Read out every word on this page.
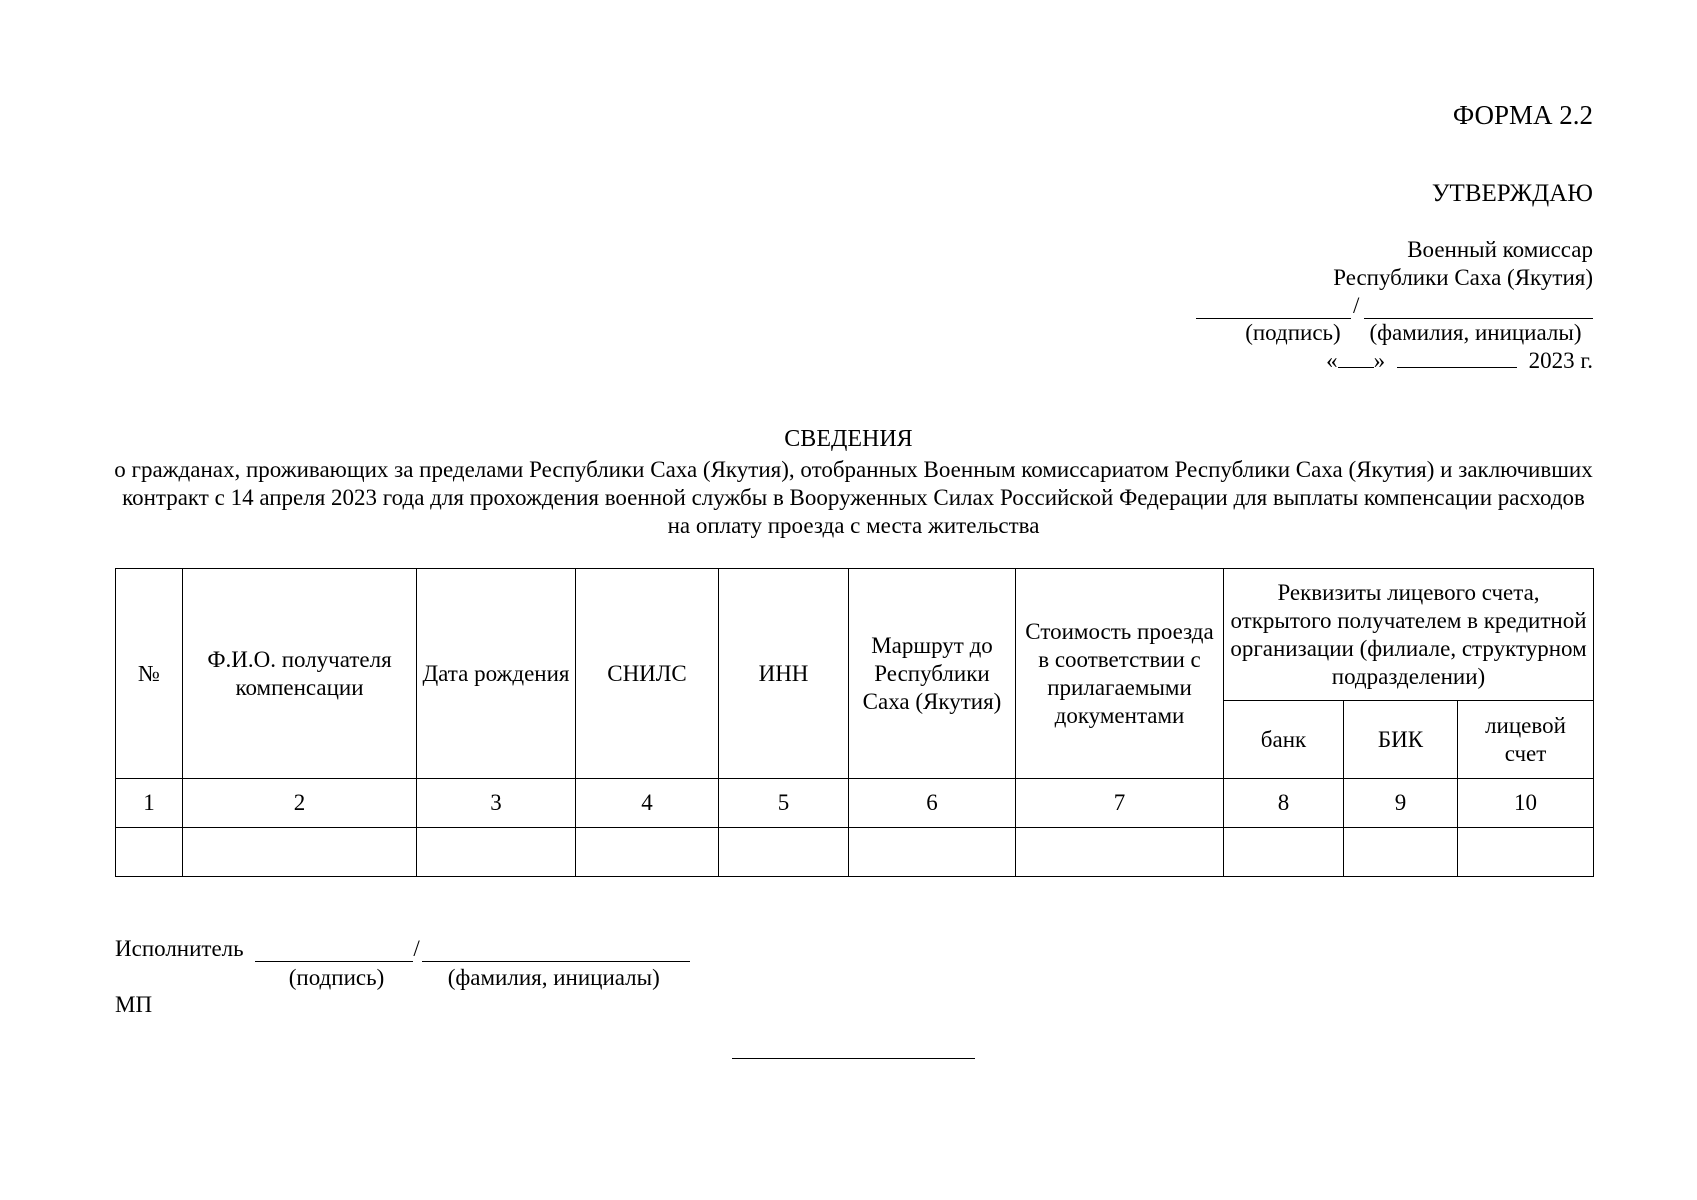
ФОРМА 2.2
УТВЕРЖДАЮ
Военный комиссар
Республики Саха (Якутия)
/
(подпись) (фамилия, инициалы)
« »	2023 г.
СВЕДЕНИЯ
о гражданах, проживающих за пределами Республики Саха (Якутия), отобранных Военным комиссариатом Республики Саха (Якутия) и заключивших контракт с 14 апреля 2023 года для прохождения военной службы в Вооруженных Силах Российской Федерации для выплаты компенсации расходов на оплату проезда с места жительства
№	Ф.И.О. получателя компенсации	Дата рождения	СНИЛС	ИНН	Маршрут до Республики Саха (Якутия)	Стоимость проезда в соответствии с прилагаемыми документами	Реквизиты лицевого счета, открытого получателем в кредитной организации (филиале, структурном подразделении)		
							банк	БИК	лицевой счет
1	2	3	4	5	6	7	8	9	10

Исполнитель	/
(подпись)	(фамилия, инициалы)
МП
